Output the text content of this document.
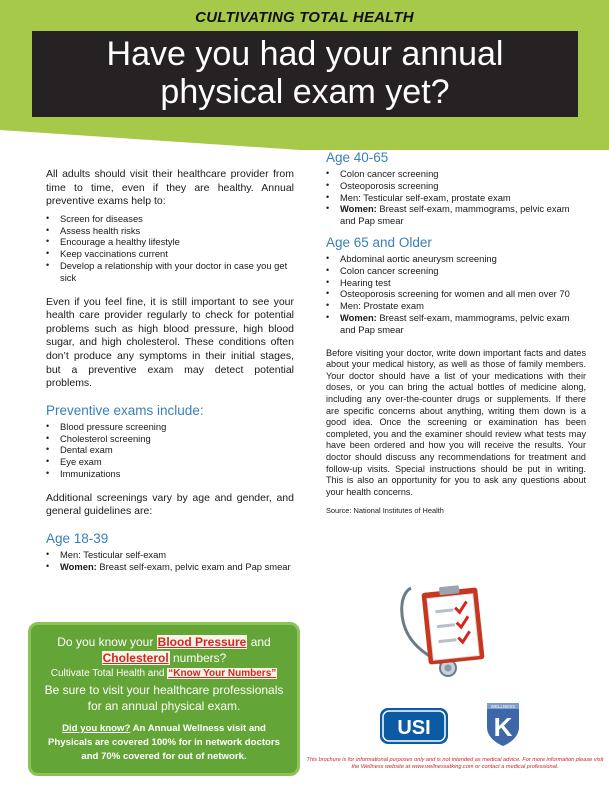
CULTIVATING TOTAL HEALTH
Have you had your annual
physical exam yet?

All adults should visit their healthcare provider from time to time, even if they are healthy. Annual preventive exams help to:

• Screen for diseases
• Assess health risks
• Encourage a healthy lifestyle
• Keep vaccinations current
• Develop a relationship with your doctor in case you get sick

Even if you feel fine, it is still important to see your health care provider regularly to check for potential problems such as high blood pressure, high blood sugar, and high cholesterol. These conditions often don’t produce any symptoms in their initial stages, but a preventive exam may detect potential problems.

Preventive exams include:
• Blood pressure screening
• Cholesterol screening
• Dental exam
• Eye exam
• Immunizations

Additional screenings vary by age and gender, and general guidelines are:

Age 18-39
• Men: Testicular self-exam
• Women: Breast self-exam, pelvic exam and Pap smear
Age 40-65
• Colon cancer screening
• Osteoporosis screening
• Men: Testicular self-exam, prostate exam
• Women: Breast self-exam, mammograms, pelvic exam and Pap smear
Age 65 and Older
• Abdominal aortic aneurysm screening
• Colon cancer screening
• Hearing test
• Osteoporosis screening for women and all men over 70
• Men: Prostate exam
• Women: Breast self-exam, mammograms, pelvic exam and Pap smear

Before visiting your doctor, write down important facts and dates about your medical history, as well as those of family members. Your doctor should have a list of your medications with their doses, or you can bring the actual bottles of medicine along, including any over-the-counter drugs or supplements. If there are specific concerns about anything, writing them down is a good idea. Once the screening or examination has been completed, you and the examiner should review what tests may have been ordered and how you will receive the results. Your doctor should discuss any recommendations for treatment and follow-up visits. Special instructions should be put in writing. This is also an opportunity for you to ask any questions about your health concerns.

Source: National Institutes of Health
Do you know your Blood Pressure and
Cholesterol numbers?
Cultivate Total Health and “Know Your Numbers”
Be sure to visit your healthcare professionals for an annual physical exam.
Did you know? An Annual Wellness visit and Physicals are covered 100% for in network doctors and 70% covered for out of network.
USI
WELLNESS
K
This brochure is for informational purposes only and is not intended as medical advice. For more information please visit the Wellness website at www.wellnessatking.com or contact a medical professional.
